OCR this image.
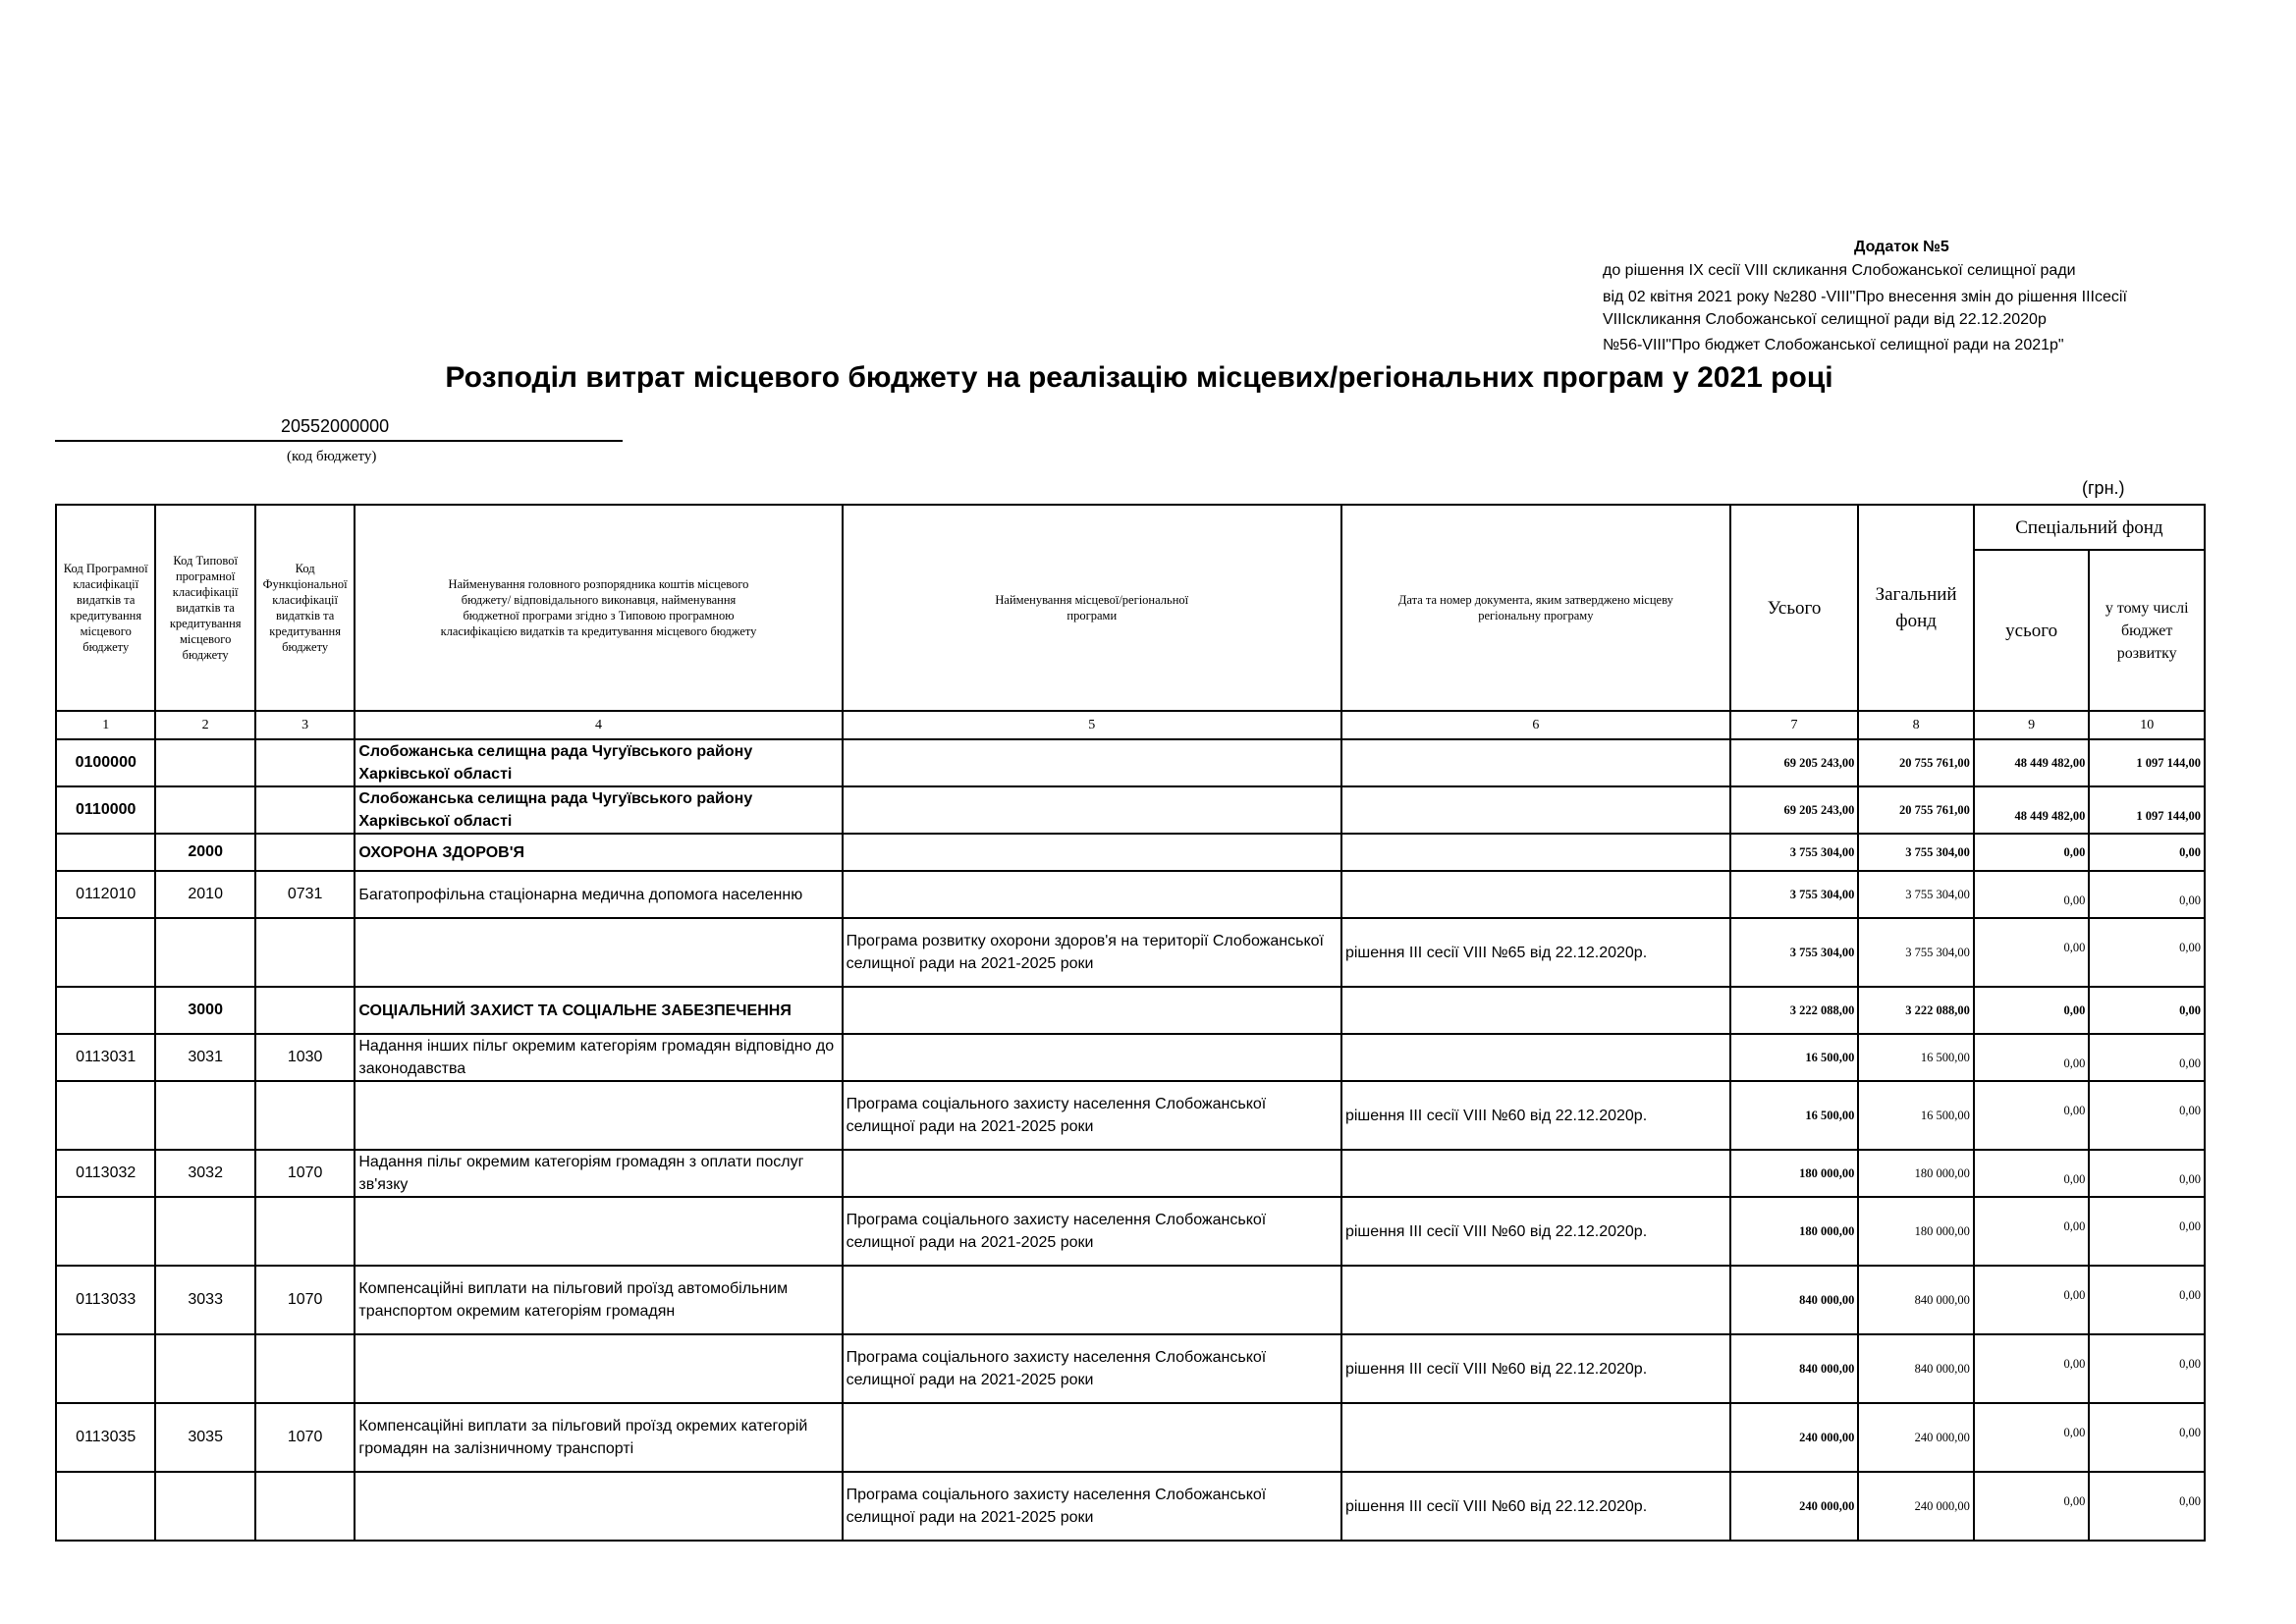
Додаток №5
до рішення IX сесії VIII скликання Слобожанської селищної ради
від 02 квітня 2021 року №280 -VIII"Про внесення змін до рішення IIIсесії
VIIIскликання Слобожанської селищної ради від 22.12.2020р
№56-VIII"Про бюджет Слобожанської селищної ради на 2021р"
Розподіл витрат місцевого бюджету на реалізацію місцевих/регіональних програм у 2021 році
20552000000
(код бюджету)
(грн.)
Код Програмної класифікації видатків та кредитування місцевого бюджету	Код Типової програмної класифікації видатків та кредитування місцевого бюджету	Код Функціональної класифікації видатків та кредитування бюджету	Найменування головного розпорядника коштів місцевого бюджету/ відповідального виконавця, найменування бюджетної програми згідно з Типовою програмною класифікацією видатків та кредитування місцевого бюджету	Найменування місцевої/регіональної програми	Дата та номер документа, яким затверджено місцеву регіональну програму	Усього	Загальний фонд	Спеціальний фонд	
								усього	у тому числі бюджет розвитку
1	2	3	4	5	6	7	8	9	10
0100000			Слобожанська селищна рада Чугуївського району Харківської області			69 205 243,00	20 755 761,00	48 449 482,00	1 097 144,00
0110000			Слобожанська селищна рада Чугуївського району Харківської області			69 205 243,00	20 755 761,00	48 449 482,00	1 097 144,00
	2000		ОХОРОНА ЗДОРОВ'Я			3 755 304,00	3 755 304,00	0,00	0,00
0112010	2010	0731	Багатопрофільна стаціонарна медична допомога населенню			3 755 304,00	3 755 304,00	0,00	0,00
				Програма розвитку охорони здоров'я на території Слобожанської селищної ради на 2021-2025 роки	рішення III сесії VIII №65 від 22.12.2020р.	3 755 304,00	3 755 304,00	0,00	0,00
	3000		СОЦІАЛЬНИЙ ЗАХИСТ ТА СОЦІАЛЬНЕ ЗАБЕЗПЕЧЕННЯ			3 222 088,00	3 222 088,00	0,00	0,00
0113031	3031	1030	Надання інших пільг окремим категоріям громадян відповідно до законодавства			16 500,00	16 500,00	0,00	0,00
				Програма соціального захисту населення Слобожанської селищної ради на 2021-2025 роки	рішення III сесії VIII №60 від 22.12.2020р.	16 500,00	16 500,00	0,00	0,00
0113032	3032	1070	Надання пільг окремим категоріям громадян з оплати послуг зв'язку			180 000,00	180 000,00	0,00	0,00
				Програма соціального захисту населення Слобожанської селищної ради на 2021-2025 роки	рішення III сесії VIII №60 від 22.12.2020р.	180 000,00	180 000,00	0,00	0,00
0113033	3033	1070	Компенсаційні виплати на пільговий проїзд автомобільним транспортом окремим категоріям громадян			840 000,00	840 000,00	0,00	0,00
				Програма соціального захисту населення Слобожанської селищної ради на 2021-2025 роки	рішення III сесії VIII №60 від 22.12.2020р.	840 000,00	840 000,00	0,00	0,00
0113035	3035	1070	Компенсаційні виплати за пільговий проїзд окремих категорій громадян на залізничному транспорті			240 000,00	240 000,00	0,00	0,00
				Програма соціального захисту населення Слобожанської селищної ради на 2021-2025 роки	рішення III сесії VIII №60 від 22.12.2020р.	240 000,00	240 000,00	0,00	0,00
